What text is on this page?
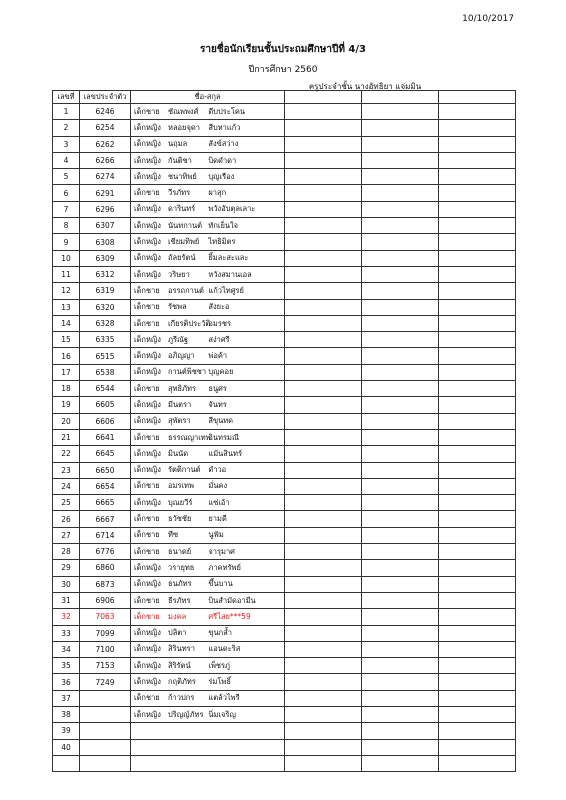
10/10/2017
รายชื่อนักเรียนชั้นประถมศึกษาปีที่ 4/3
ปีการศึกษา 2560
ครูประจำชั้น นางอัทธิยา แจ่มมิน
เลขที่	เลขประจำตัว	ชื่อ-สกุล			
1	6246	เด็กชาย ชัณพพงศ์ ดีบประโคน			
2	6254	เด็กหญิง หลอยจุดา สีบหาแก้ว			
3	6262	เด็กหญิง นฤมล สังข์สว่าง			
4	6266	เด็กหญิง กันติชา บิดดำดา			
5	6274	เด็กหญิง ชนาทิพย์ บุญเรือง			
6	6291	เด็กชาย วีรภัทร ผาสุก			
7	6296	เด็กหญิง ดารินทร์ พวังอับตุลเลาะ			
8	6307	เด็กหญิง นันทกานต์ ทักเย็นใจ			
9	6308	เด็กหญิง เขียมทิพย์ ไทธิมิตร			
10	6309	เด็กหญิง ถัลยรัตน์ ยิ้มละสะและ			
11	6312	เด็กหญิง วริษยา หวังสมานเอล			
12	6319	เด็กชาย อรรถกานต์ แก้วไทศูรย์			
13	6320	เด็กชาย รัชพล สังยะอ			
14	6328	เด็กชาย เกียรติประวัติ อมรชร			
15	6335	เด็กหญิง ภูรีณัฐ สง่าศรี			
16	6515	เด็กหญิง อภิญญา พ่อค้า			
17	6538	เด็กหญิง กานต์พิชชา บุญคอย			
18	6544	เด็กชาย สุทธิภัทร ธนูศร			
19	6605	เด็กหญิง มีนตรา จันทร			
20	6606	เด็กหญิง สุพัตรา สีขุนทด			
21	6641	เด็กชาย ธรรณญาเทพ อินทรมณี			
22	6645	เด็กหญิง มินนัด แม้นสินทร์			
23	6650	เด็กหญิง รัตติกานต์ ดำวอ			
24	6654	เด็กชาย อมรเทพ มั่นคง			
25	6665	เด็กหญิง บุณยวีร์ แซ่เอ้า			
26	6667	เด็กชาย ธวัชชัย ยามดี			
27	6714	เด็กชาย ทีซ นูฟัม			
28	6776	เด็กชาย ธนาดย์ จารุมาศ			
29	6860	เด็กหญิง วรายุทธ ภาคทรัพย์			
30	6873	เด็กหญิง ธนภัทร ขึ้นบาน			
31	6906	เด็กชาย ธีรภัทร บินสำมัดอามีน			
32	7063	เด็กชาย มงคล ศรีไสย***59			
33	7099	เด็กหญิง ปลิตา ขุนกล้ำ			
34	7100	เด็กหญิง สิรินทรา แอนดะริส			
35	7153	เด็กหญิง สิริรัตน์ เพ็ชรภู่			
36	7249	เด็กหญิง กฤติภัทร ร่มโพธิ์			
37		เด็กชาย ก้าวปกร แตล้วไพรี			
38		เด็กหญิง ปริญญ์ภัทร นิ่มเจริญ			
39					
40					
